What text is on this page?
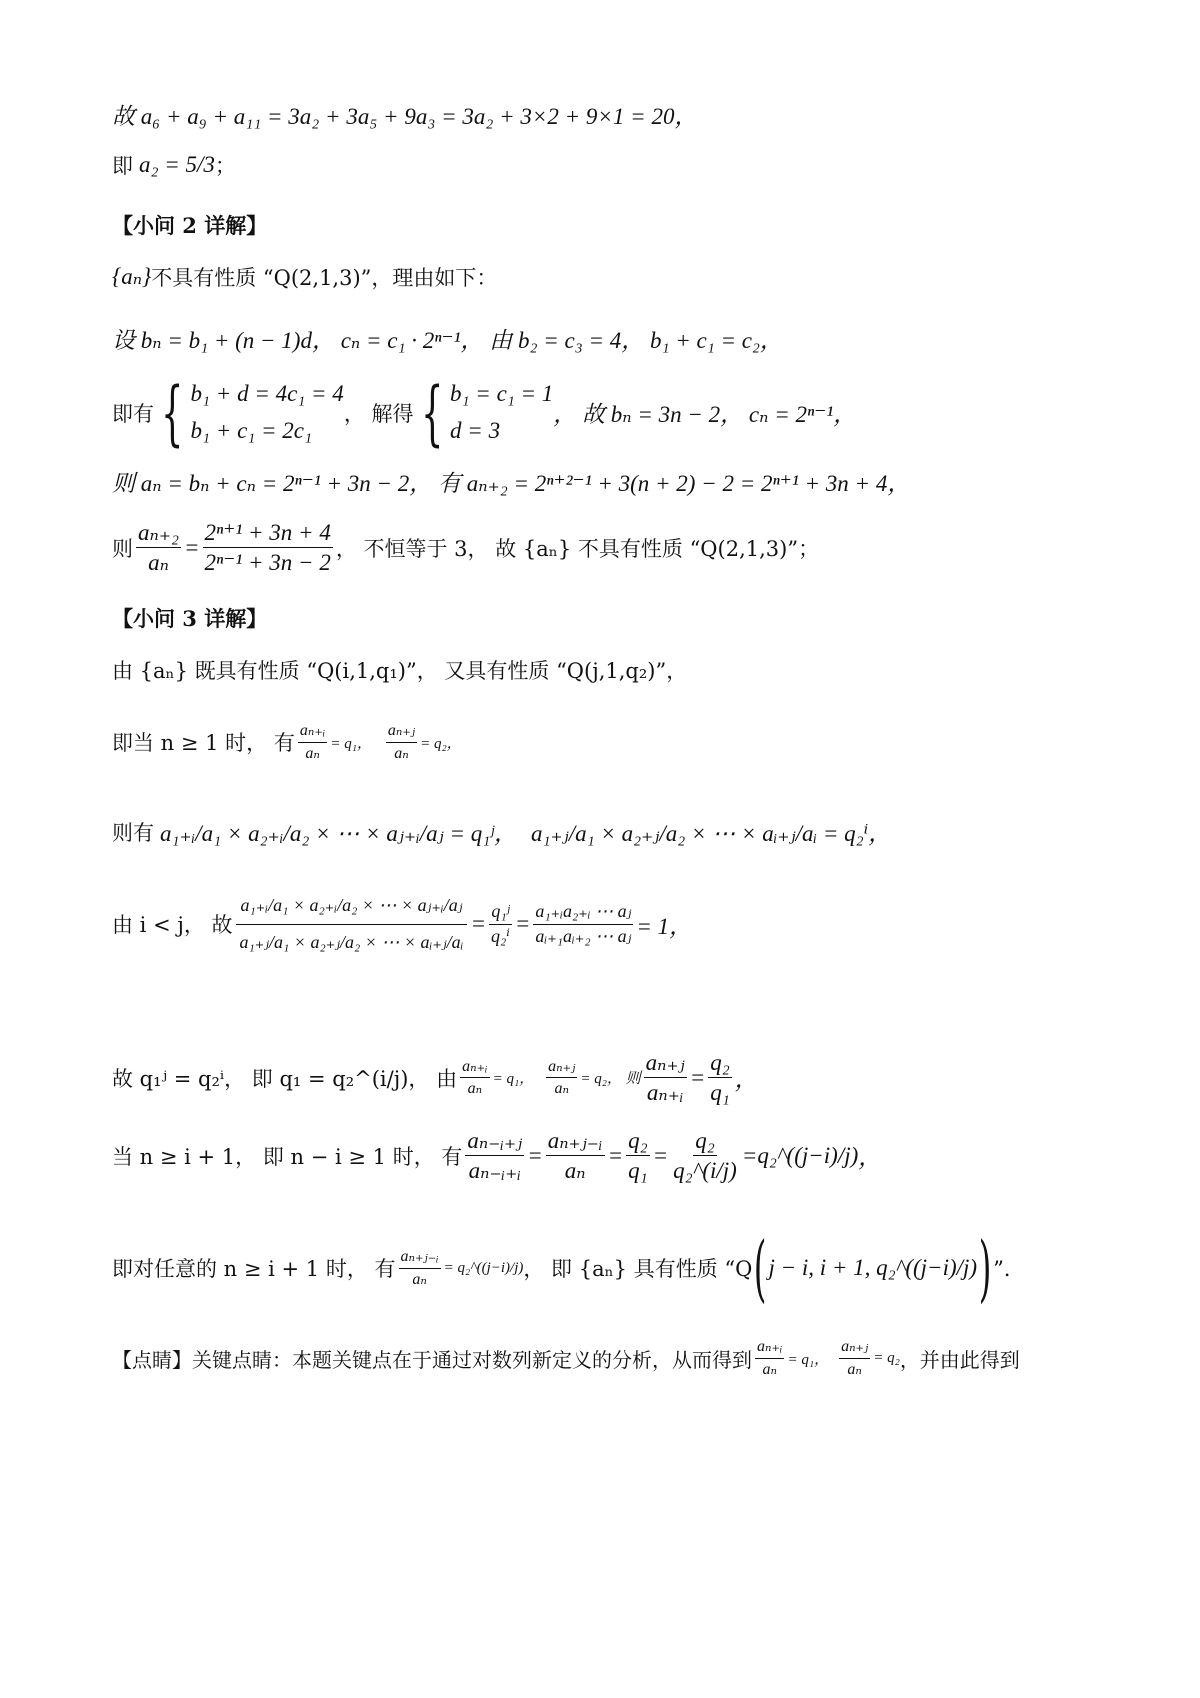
故 a₆ + a₉ + a₁₁ = 3a₂ + 3a₅ + 9a₃ = 3a₂ + 3×2 + 9×1 = 20，
即 a₂ = 5/3 ；
【小问 2 详解】
{aₙ} 不具有性质 “Q(2,1,3)”，理由如下：
设 bₙ = b₁ + (n − 1)d， cₙ = c₁ · 2ⁿ⁻¹， 由 b₂ = c₃ = 4， b₁ + c₁ = c₂，
即有 { b₁ + d = 4c₁ = 4
b₁ + c₁ = 2c₁
， 解得 { b₁ = c₁ = 1
d = 3
， 故 bₙ = 3n − 2， cₙ = 2ⁿ⁻¹，
则 aₙ = bₙ + cₙ = 2ⁿ⁻¹ + 3n − 2， 有 aₙ₊₂ = 2ⁿ⁺²⁻¹ + 3(n + 2) − 2 = 2ⁿ⁺¹ + 3n + 4，
则 $\frac{\text{aₙ₊₂}}{\text{aₙ}} = \frac{\text{2ⁿ⁺¹ + 3n + 4}}{\text{2ⁿ⁻¹ + 3n − 2}}$ ， 不恒等于 3， 故 {aₙ} 不具有性质 “Q(2,1,3)”；
【小问 3 详解】
由 {aₙ} 既具有性质 “Q(i,1,q₁)”， 又具有性质 “Q(j,1,q₂)”，
即当 n ≥ 1 时， 有 $\frac{\text{aₙ₊ᵢ}}{\text{aₙ}} = q_1$， $\frac{\text{aₙ₊ⱼ}}{\text{aₙ}} = q_2$，
则有 a₁₊ᵢ/a₁ × a₂₊ᵢ/a₂ × ⋯ × aⱼ₊ᵢ/aⱼ = q₁ʲ， a₁₊ⱼ/a₁ × a₂₊ⱼ/a₂ × ⋯ × aᵢ₊ⱼ/aᵢ = q₂ⁱ，
由 i < j， 故 $\frac{\text{a₁₊ᵢ/a₁ × a₂₊ᵢ/a₂ × ⋯ × aⱼ₊ᵢ/aⱼ}}{\text{a₁₊ⱼ/a₁ × a₂₊ⱼ/a₂ × ⋯ × aᵢ₊ⱼ/aᵢ}} = \frac{\text{q₁ʲ}}{\text{q₂ⁱ}} = \frac{\text{a₁₊ᵢa₂₊ᵢ ⋯ aⱼ}}{\text{aᵢ₊₁aᵢ₊₂ ⋯ aⱼ}} = 1$，
故 q₁ʲ = q₂ⁱ， 即 q₁ = q₂^(i/j)， 由 $\frac{\text{aₙ₊ᵢ}}{\text{aₙ}} = q_1$， $\frac{\text{aₙ₊ⱼ}}{\text{aₙ}} = q_2$， 则 $\frac{\text{aₙ₊ⱼ}}{\text{aₙ₊ᵢ}} = \frac{\text{q₂}}{\text{q₁}}$ ，
当 n ≥ i + 1， 即 n − i ≥ 1 时， 有 $\frac{\text{aₙ₋ᵢ₊ⱼ}}{\text{aₙ₋ᵢ₊ᵢ}} = \frac{\text{aₙ₊ⱼ₋ᵢ}}{\text{aₙ}} = \frac{\text{q₂}}{\text{q₁}} = \frac{\text{q₂}}{\text{q₂\textasciicircum{}(i/j)}}$ = q₂^((j−i)/j) ，
即对任意的 n ≥ i + 1 时， 有 $\frac{\text{aₙ₊ⱼ₋ᵢ}}{\text{aₙ}}$ = q₂^((j−i)/j) ， 即 {aₙ} 具有性质 “Q ( j − i, i + 1, q₂^((j−i)/j) ) ”．
【点睛】关键点睛：本题关键点在于通过对数列新定义的分析，从而得到 $\frac{\text{aₙ₊ᵢ}}{\text{aₙ}} = q_1$， $\frac{\text{aₙ₊ⱼ}}{\text{aₙ}} = q_2$ ，并由此得到
